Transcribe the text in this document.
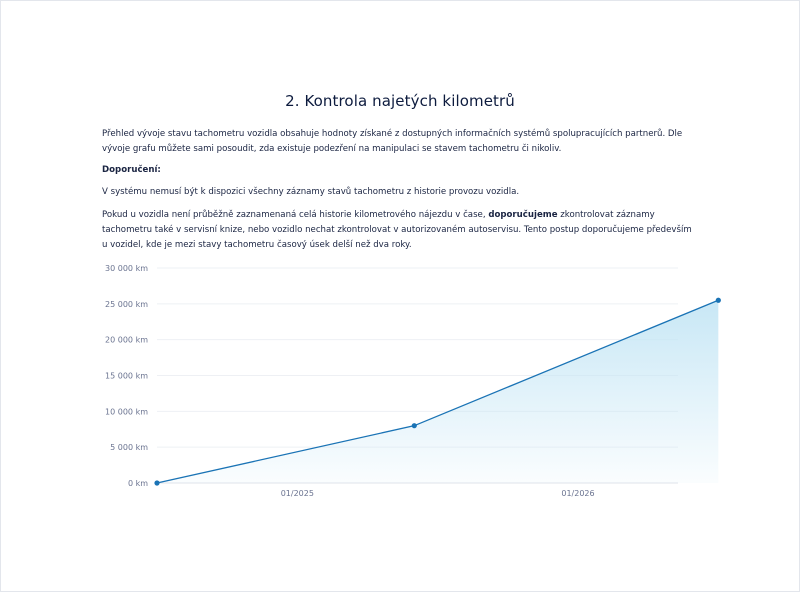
2. Kontrola najetých kilometrů
Přehled vývoje stavu tachometru vozidla obsahuje hodnoty získané z dostupných informačních systémů spolupracujících partnerů. Dle vývoje grafu můžete sami posoudit, zda existuje podezření na manipulaci se stavem tachometru či nikoliv.
Doporučení:
V systému nemusí být k dispozici všechny záznamy stavů tachometru z historie provozu vozidla.
Pokud u vozidla není průběžně zaznamenaná celá historie kilometrového nájezdu v čase, doporučujeme zkontrolovat záznamy tachometru také v servisní knize, nebo vozidlo nechat zkontrolovat v autorizovaném autoservisu. Tento postup doporučujeme především u vozidel, kde je mezi stavy tachometru časový úsek delší než dva roky.
0 km
5 000 km
10 000 km
15 000 km
20 000 km
25 000 km
30 000 km
01/2025	01/2026
